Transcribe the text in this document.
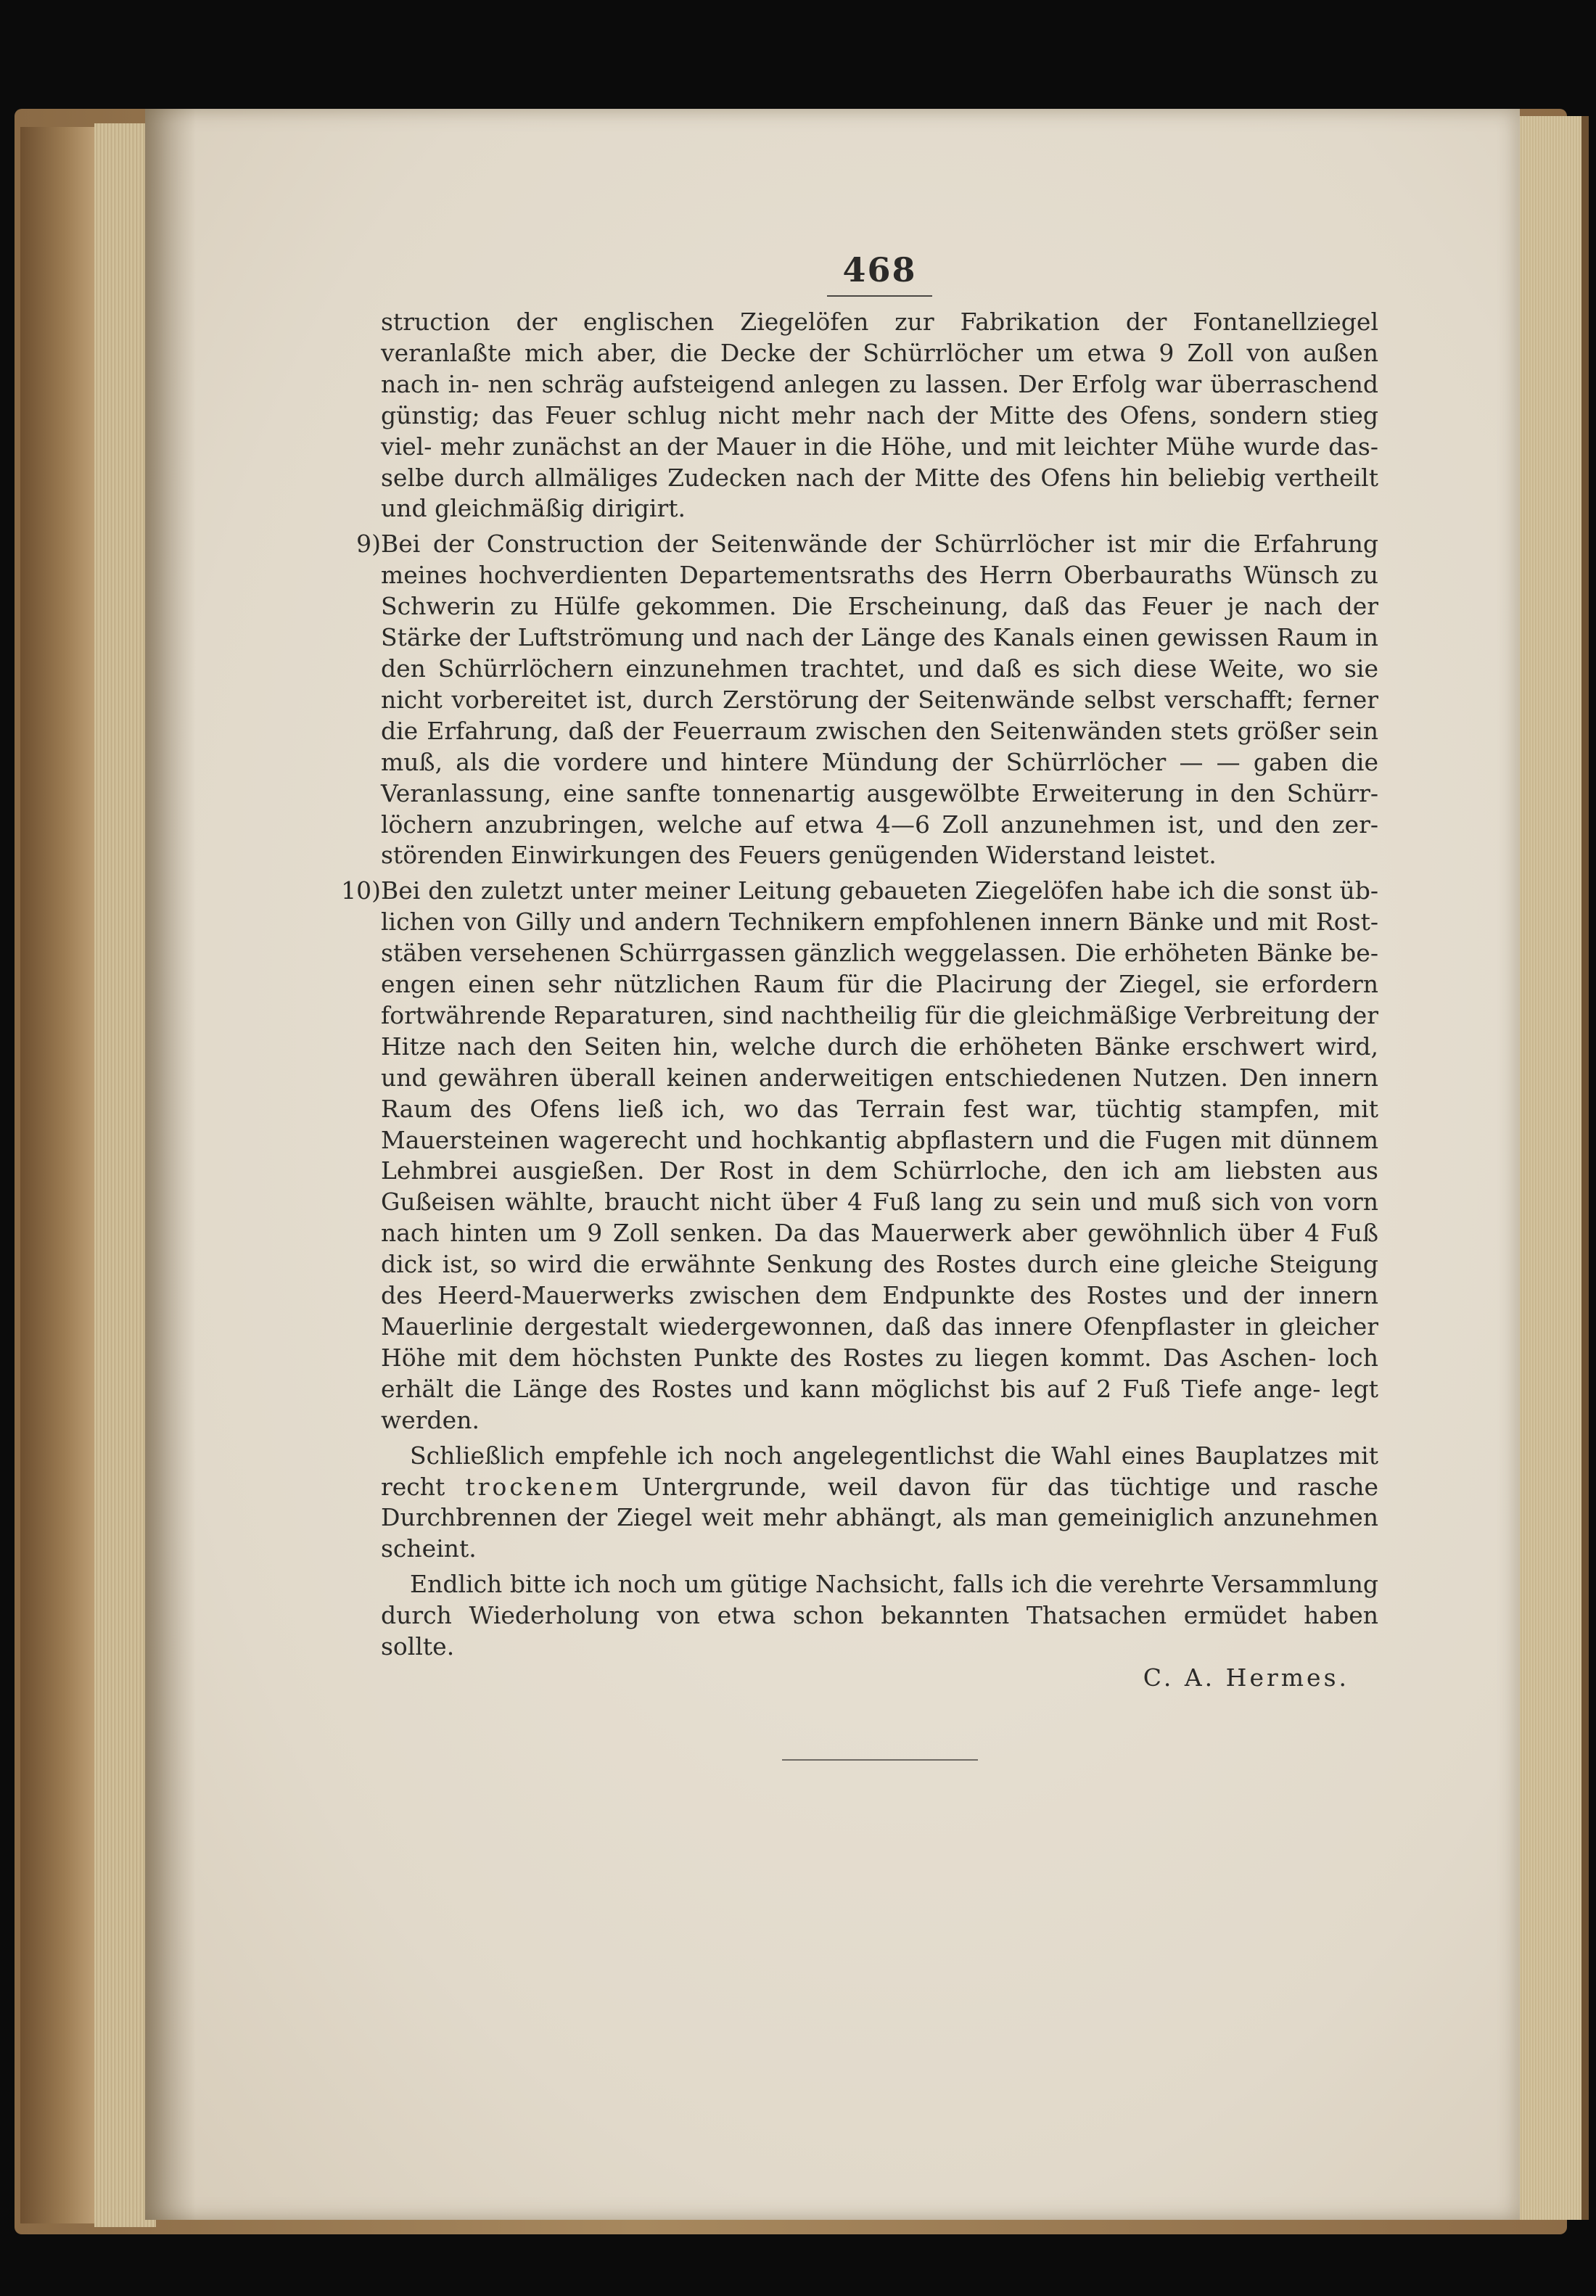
468

struction der englischen Ziegelöfen zur Fabrikation der Fontanellziegel veranlaßte mich aber, die Decke der Schürrlöcher um etwa 9 Zoll von außen nach in- nen schräg aufsteigend anlegen zu lassen. Der Erfolg war überraschend günstig; das Feuer schlug nicht mehr nach der Mitte des Ofens, sondern stieg viel- mehr zunächst an der Mauer in die Höhe, und mit leichter Mühe wurde das- selbe durch allmäliges Zudecken nach der Mitte des Ofens hin beliebig vertheilt und gleichmäßig dirigirt.

9) Bei der Construction der Seitenwände der Schürrlöcher ist mir die Erfahrung meines hochverdienten Departementsraths des Herrn Oberbauraths Wünsch zu Schwerin zu Hülfe gekommen. Die Erscheinung, daß das Feuer je nach der Stärke der Luftströmung und nach der Länge des Kanals einen gewissen Raum in den Schürrlöchern einzunehmen trachtet, und daß es sich diese Weite, wo sie nicht vorbereitet ist, durch Zerstörung der Seitenwände selbst verschafft; ferner die Erfahrung, daß der Feuerraum zwischen den Seitenwänden stets größer sein muß, als die vordere und hintere Mündung der Schürrlöcher — — gaben die Veranlassung, eine sanfte tonnenartig ausgewölbte Erweiterung in den Schürr- löchern anzubringen, welche auf etwa 4—6 Zoll anzunehmen ist, und den zer- störenden Einwirkungen des Feuers genügenden Widerstand leistet.

10) Bei den zuletzt unter meiner Leitung gebaueten Ziegelöfen habe ich die sonst üb- lichen von Gilly und andern Technikern empfohlenen innern Bänke und mit Rost- stäben versehenen Schürrgassen gänzlich weggelassen. Die erhöheten Bänke be- engen einen sehr nützlichen Raum für die Placirung der Ziegel, sie erfordern fortwährende Reparaturen, sind nachtheilig für die gleichmäßige Verbreitung der Hitze nach den Seiten hin, welche durch die erhöheten Bänke erschwert wird, und gewähren überall keinen anderweitigen entschiedenen Nutzen. Den innern Raum des Ofens ließ ich, wo das Terrain fest war, tüchtig stampfen, mit Mauersteinen wagerecht und hochkantig abpflastern und die Fugen mit dünnem Lehmbrei ausgießen. Der Rost in dem Schürrloche, den ich am liebsten aus Gußeisen wählte, braucht nicht über 4 Fuß lang zu sein und muß sich von vorn nach hinten um 9 Zoll senken. Da das Mauerwerk aber gewöhnlich über 4 Fuß dick ist, so wird die erwähnte Senkung des Rostes durch eine gleiche Steigung des Heerd-Mauerwerks zwischen dem Endpunkte des Rostes und der innern Mauerlinie dergestalt wiedergewonnen, daß das innere Ofenpflaster in gleicher Höhe mit dem höchsten Punkte des Rostes zu liegen kommt. Das Aschen- loch erhält die Länge des Rostes und kann möglichst bis auf 2 Fuß Tiefe ange- legt werden.

Schließlich empfehle ich noch angelegentlichst die Wahl eines Bauplatzes mit recht trockenem Untergrunde, weil davon für das tüchtige und rasche Durchbrennen der Ziegel weit mehr abhängt, als man gemeiniglich anzunehmen scheint.

Endlich bitte ich noch um gütige Nachsicht, falls ich die verehrte Versammlung durch Wiederholung von etwa schon bekannten Thatsachen ermüdet haben sollte.

C. A. Hermes.
